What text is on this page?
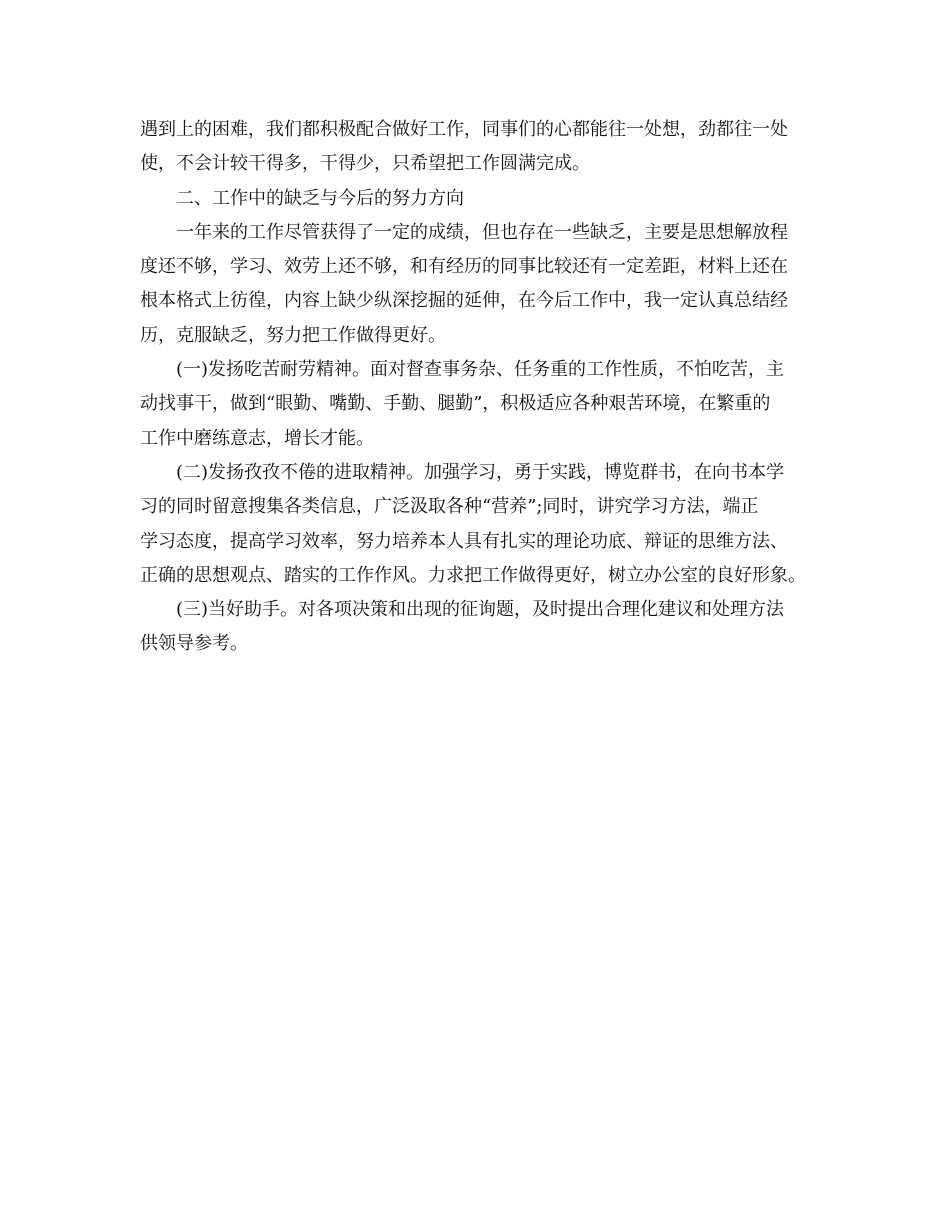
遇到上的困难，我们都积极配合做好工作，同事们的心都能往一处想，劲都往一处
使，不会计较干得多，干得少，只希望把工作圆满完成。
二、工作中的缺乏与今后的努力方向
一年来的工作尽管获得了一定的成绩，但也存在一些缺乏，主要是思想解放程
度还不够，学习、效劳上还不够，和有经历的同事比较还有一定差距，材料上还在
根本格式上彷徨，内容上缺少纵深挖掘的延伸，在今后工作中，我一定认真总结经
历，克服缺乏，努力把工作做得更好。
(一)发扬吃苦耐劳精神。面对督查事务杂、任务重的工作性质，不怕吃苦，主
动找事干，做到“眼勤、嘴勤、手勤、腿勤”，积极适应各种艰苦环境，在繁重的
工作中磨练意志，增长才能。
(二)发扬孜孜不倦的进取精神。加强学习，勇于实践，博览群书，在向书本学
习的同时留意搜集各类信息，广泛汲取各种“营养”;同时，讲究学习方法，端正
学习态度，提高学习效率，努力培养本人具有扎实的理论功底、辩证的思维方法、
正确的思想观点、踏实的工作作风。力求把工作做得更好，树立办公室的良好形象。
(三)当好助手。对各项决策和出现的征询题，及时提出合理化建议和处理方法
供领导参考。
